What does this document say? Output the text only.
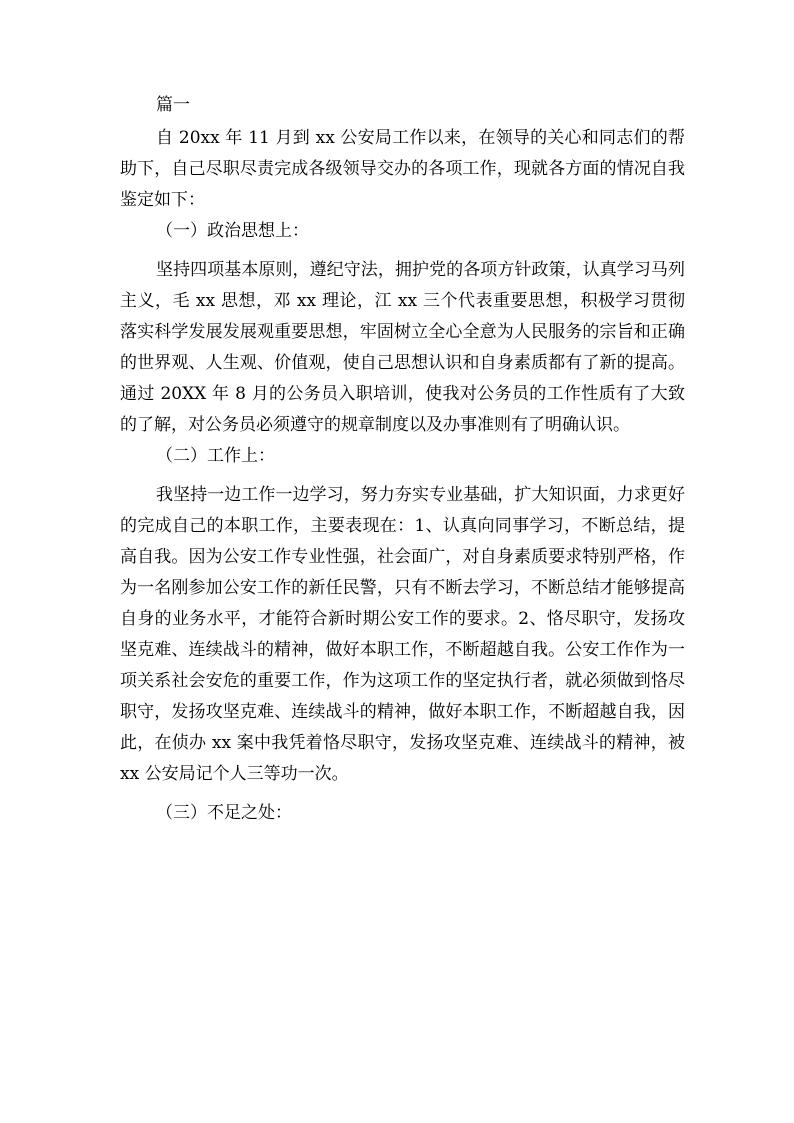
篇一

自 20xx 年 11 月到 xx 公安局工作以来，在领导的关心和同志们的帮助下，自己尽职尽责完成各级领导交办的各项工作，现就各方面的情况自我鉴定如下：

（一）政治思想上：

坚持四项基本原则，遵纪守法，拥护党的各项方针政策，认真学习马列主义，毛 xx 思想，邓 xx 理论，江 xx 三个代表重要思想，积极学习贯彻落实科学发展发展观重要思想，牢固树立全心全意为人民服务的宗旨和正确的世界观、人生观、价值观，使自己思想认识和自身素质都有了新的提高。通过 20XX 年 8 月的公务员入职培训，使我对公务员的工作性质有了大致的了解，对公务员必须遵守的规章制度以及办事准则有了明确认识。

（二）工作上：

我坚持一边工作一边学习，努力夯实专业基础，扩大知识面，力求更好的完成自己的本职工作，主要表现在：1、认真向同事学习，不断总结，提高自我。因为公安工作专业性强，社会面广，对自身素质要求特别严格，作为一名刚参加公安工作的新任民警，只有不断去学习，不断总结才能够提高自身的业务水平，才能符合新时期公安工作的要求。2、恪尽职守，发扬攻坚克难、连续战斗的精神，做好本职工作，不断超越自我。公安工作作为一项关系社会安危的重要工作，作为这项工作的坚定执行者，就必须做到恪尽职守，发扬攻坚克难、连续战斗的精神，做好本职工作，不断超越自我，因此，在侦办 xx 案中我凭着恪尽职守，发扬攻坚克难、连续战斗的精神，被 xx 公安局记个人三等功一次。

（三）不足之处：
